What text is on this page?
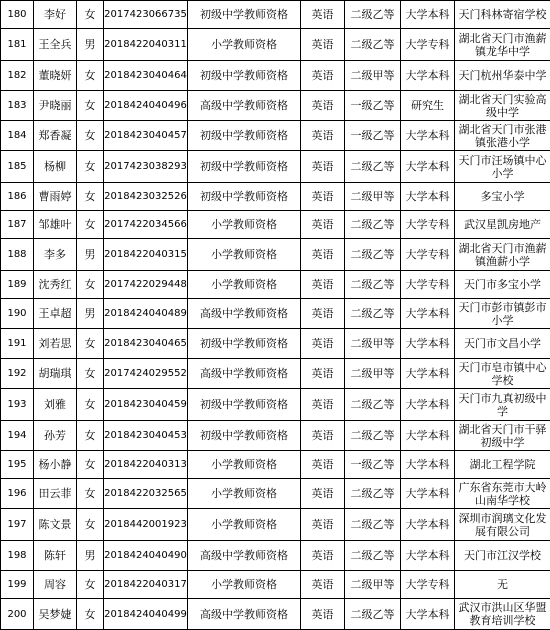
180	李好	女	2017423066735	初级中学教师资格	英语	二级乙等	大学本科	天门科林寄宿学校
181	王全兵	男	2018422040311	小学教师资格	英语	二级乙等	大学专科	湖北省天门市渔薪镇龙华中学
182	董晓妍	女	2018423040464	初级中学教师资格	英语	二级甲等	大学本科	天门杭州华泰中学
183	尹晓丽	女	2018424040496	高级中学教师资格	英语	一级乙等	研究生	湖北省天门实验高级中学
184	郑香凝	女	2018423040457	初级中学教师资格	英语	一级乙等	大学本科	湖北省天门市张港镇张港小学
185	杨柳	女	2017423038293	初级中学教师资格	英语	二级乙等	大学本科	天门市汪场镇中心小学
186	曹雨婷	女	2018423032526	初级中学教师资格	英语	二级甲等	大学本科	多宝小学
187	邹雄叶	女	2017422034566	小学教师资格	英语	二级乙等	大学专科	武汉星凯房地产
188	李多	男	2018422040315	小学教师资格	英语	二级乙等	大学专科	湖北省天门市渔薪镇渔薪小学
189	沈秀红	女	2017422029448	小学教师资格	英语	二级乙等	大学专科	天门市多宝小学
190	王卓超	男	2018424040489	高级中学教师资格	英语	二级乙等	大学本科	天门市彭市镇彭市小学
191	刘若思	女	2018423040465	初级中学教师资格	英语	二级甲等	大学本科	天门市文昌小学
192	胡瑞琪	女	2017424029552	高级中学教师资格	英语	二级甲等	大学本科	天门市皂市镇中心学校
193	刘雅	女	2018423040459	初级中学教师资格	英语	二级乙等	大学本科	天门市九真初级中学
194	孙芳	女	2018423040453	初级中学教师资格	英语	二级乙等	大学本科	湖北省天门市干驿初级中学
195	杨小静	女	2018422040313	小学教师资格	英语	一级乙等	大学本科	湖北工程学院
196	田云菲	女	2018422032565	小学教师资格	英语	二级乙等	大学本科	广东省东莞市大岭山南华学校
197	陈文景	女	2018442001923	小学教师资格	英语	二级乙等	大学本科	深圳市润璃文化发展有限公司
198	陈轩	男	2018424040490	高级中学教师资格	英语	二级乙等	大学本科	天门市江汉学校
199	周容	女	2018422040317	小学教师资格	英语	二级甲等	大学专科	无
200	吴梦婕	女	2018424040499	高级中学教师资格	英语	二级乙等	大学本科	武汉市洪山区华盟教育培训学校
